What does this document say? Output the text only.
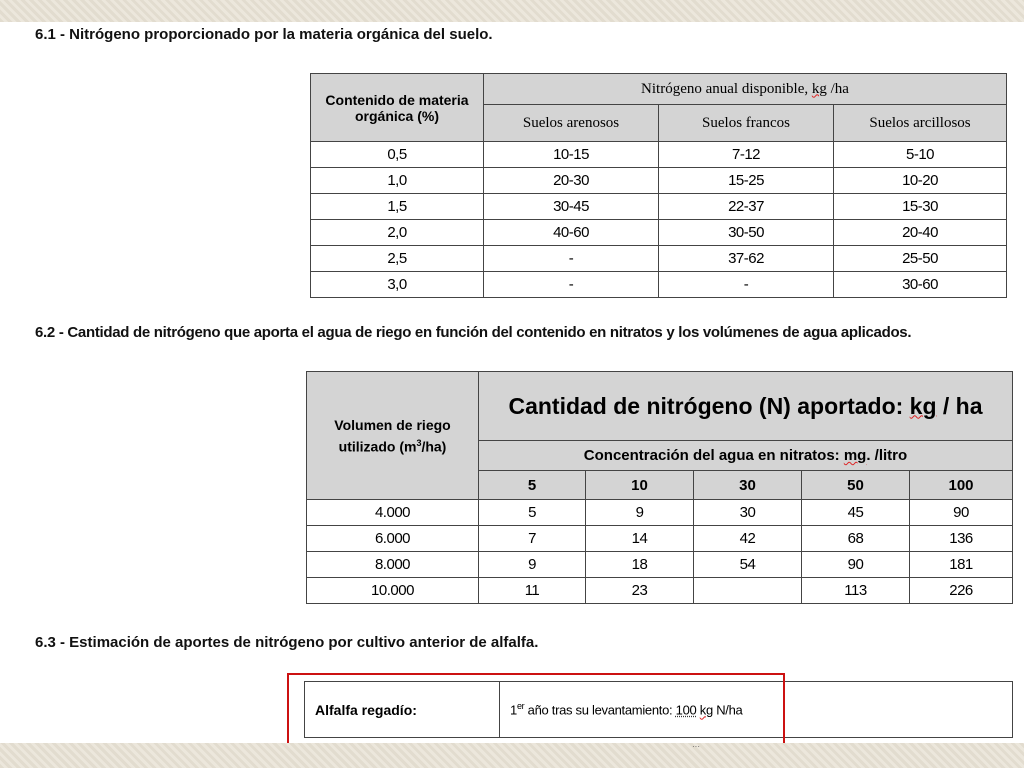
6.1 - Nitrógeno proporcionado por la materia orgánica del suelo.
Contenido de materia orgánica (%)	Nitrógeno anual disponible, kg /ha		
	Suelos arenosos	Suelos francos	Suelos arcillosos
0,5	10-15	7-12	5-10
1,0	20-30	15-25	10-20
1,5	30-45	22-37	15-30
2,0	40-60	30-50	20-40
2,5	-	37-62	25-50
3,0	-	-	30-60
6.2 - Cantidad de nitrógeno que aporta el agua de riego en función del contenido en nitratos y los volúmenes de agua aplicados.
Volumen de riego utilizado $(m^3/ha)$	Cantidad de nitrógeno (N) aportado: kg / ha				
	Concentración del agua en nitratos: mg. /litro				
	5	10	30	50	100
4.000	5	9	30	45	90
6.000	7	14	42	68	136
8.000	9	18	54	90	181
10.000	11	23		113	226
6.3 - Estimación de aportes de nitrógeno por cultivo anterior de alfalfa.
Alfalfa regadío:	1er año tras su levantamiento: 100 kg N/ha
···
